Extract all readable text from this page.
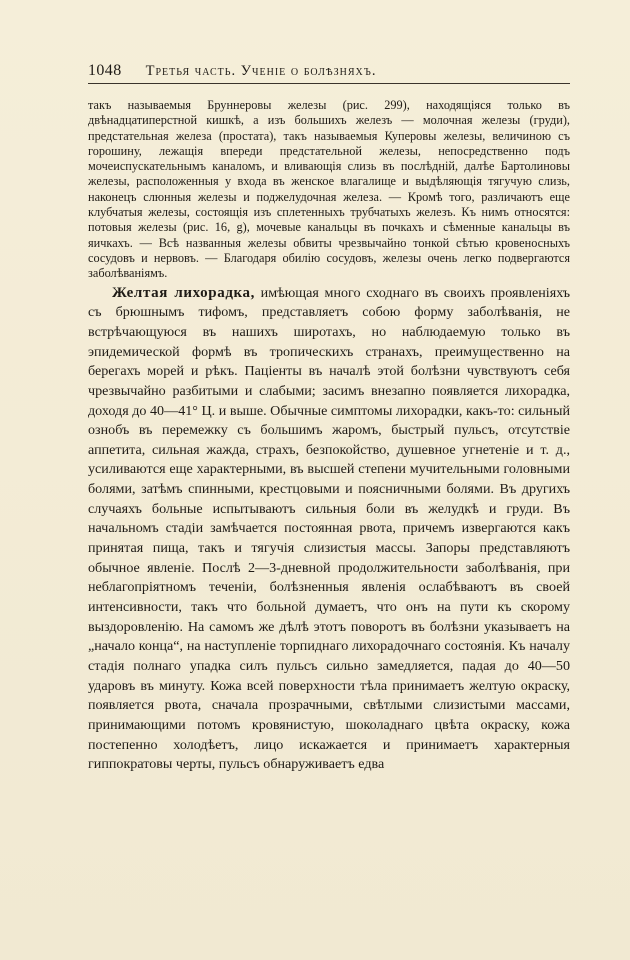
1048 Третья часть. Ученіе о болѣзняхъ.

такъ называемыя Бруннеровы железы (рис. 299), находящіяся только въ двѣнадцатиперстной кишкѣ, а изъ большихъ железъ — молочная железы (груди), предстательная железа (простата), такъ называемыя Куперовы железы, величиною съ горошину, лежащія впереди предстательной железы, непосредственно подъ мочеиспускательнымъ каналомъ, и вливающія слизь въ послѣдній, далѣе Бартолиновы железы, расположенныя у входа въ женское влагалище и выдѣляющія тягучую слизь, наконецъ слюнныя железы и поджелудочная железа. — Кромѣ того, различаютъ еще клубчатыя железы, состоящія изъ сплетенныхъ трубчатыхъ железъ. Къ нимъ относятся: потовыя железы (рис. 16, g), мочевые канальцы въ почкахъ и сѣменные канальцы въ яичкахъ. — Всѣ названныя железы обвиты чрезвычайно тонкой сѣтью кровеносныхъ сосудовъ и нервовъ. — Благодаря обилію сосудовъ, железы очень легко подвергаются заболѣваніямъ.

Желтая лихорадка, имѣющая много сходнаго въ своихъ проявленіяхъ съ брюшнымъ тифомъ, представляетъ собою форму заболѣванія, не встрѣчающуюся въ нашихъ широтахъ, но наблюдаемую только въ эпидемической формѣ въ тропическихъ странахъ, преимущественно на берегахъ морей и рѣкъ. Паціенты въ началѣ этой болѣзни чувствуютъ себя чрезвычайно разбитыми и слабыми; засимъ внезапно появляется лихорадка, доходя до 40—41° Ц. и выше. Обычные симптомы лихорадки, какъ-то: сильный ознобъ въ перемежку съ большимъ жаромъ, быстрый пульсъ, отсутствіе аппетита, сильная жажда, страхъ, безпокойство, душевное угнетеніе и т. д., усиливаются еще характерными, въ высшей степени мучительными головными болями, затѣмъ спинными, крестцовыми и поясничными болями. Въ другихъ случаяхъ больные испытываютъ сильныя боли въ желудкѣ и груди. Въ начальномъ стадіи замѣчается постоянная рвота, причемъ извергаются какъ принятая пища, такъ и тягучія слизистыя массы. Запоры представляютъ обычное явленіе. Послѣ 2—3-дневной продолжительности заболѣванія, при неблагопріятномъ теченіи, болѣзненныя явленія ослабѣваютъ въ своей интенсивности, такъ что больной думаетъ, что онъ на пути къ скорому выздоровленію. На самомъ же дѣлѣ этотъ поворотъ въ болѣзни указываетъ на „начало конца“, на наступленіе торпиднаго лихорадочнаго состоянія. Къ началу стадія полнаго упадка силъ пульсъ сильно замедляется, падая до 40—50 ударовъ въ минуту. Кожа всей поверхности тѣла принимаетъ желтую окраску, появляется рвота, сначала прозрачными, свѣтлыми слизистыми массами, принимающими потомъ кровянистую, шоколаднаго цвѣта окраску, кожа постепенно холодѣетъ, лицо искажается и принимаетъ характерныя гиппократовы черты, пульсъ обнаруживаетъ едва
